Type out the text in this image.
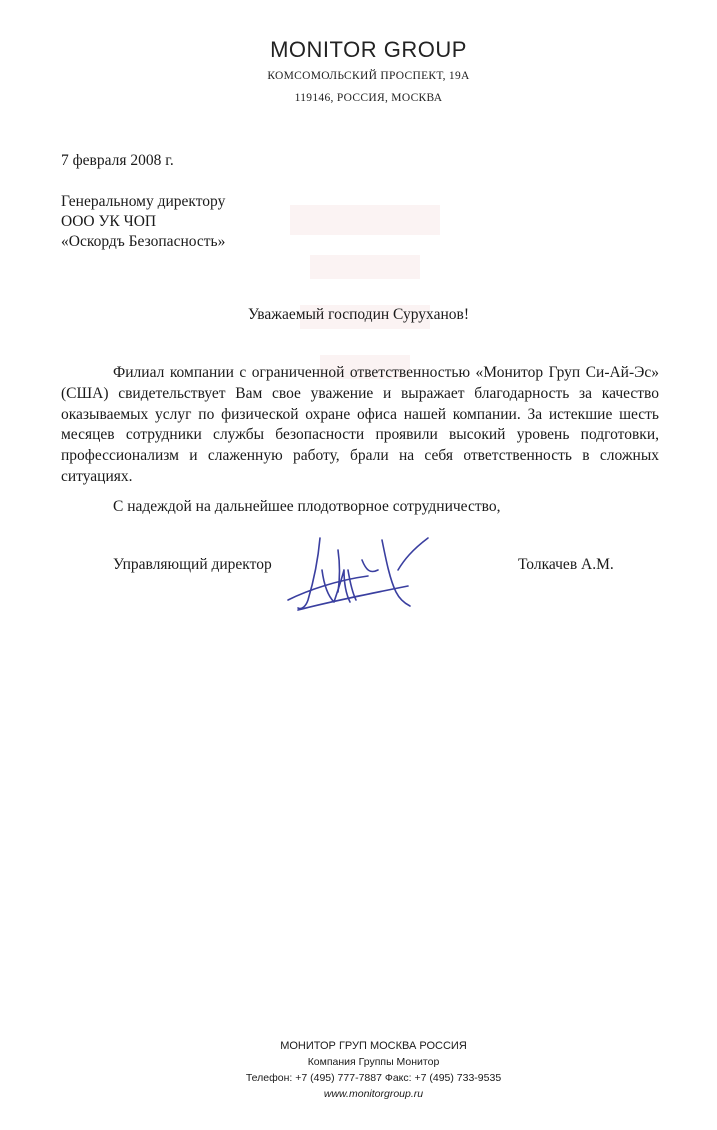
MONITOR GROUP
КОМСОМОЛЬСКИЙ ПРОСПЕКТ, 19А
119146, РОССИЯ, МОСКВА
7 февраля 2008 г.
Генеральному директору
ООО УК ЧОП
«Оскордъ Безопасность»
Уважаемый господин Суруханов!
Филиал компании с ограниченной ответственностью «Монитор Груп Си-Ай-Эс» (США) свидетельствует Вам свое уважение и выражает благодарность за качество оказываемых услуг по физической охране офиса нашей компании. За истекшие шесть месяцев сотрудники службы безопасности проявили высокий уровень подготовки, профессионализм и слаженную работу, брали на себя ответственность в сложных ситуациях.
С надеждой на дальнейшее плодотворное сотрудничество,
Управляющий директор	Толкачев А.М.
МОНИТОР ГРУП МОСКВА РОССИЯ
Компания Группы Монитор
Телефон: +7 (495) 777-7887 Факс: +7 (495) 733-9535
www.monitorgroup.ru
